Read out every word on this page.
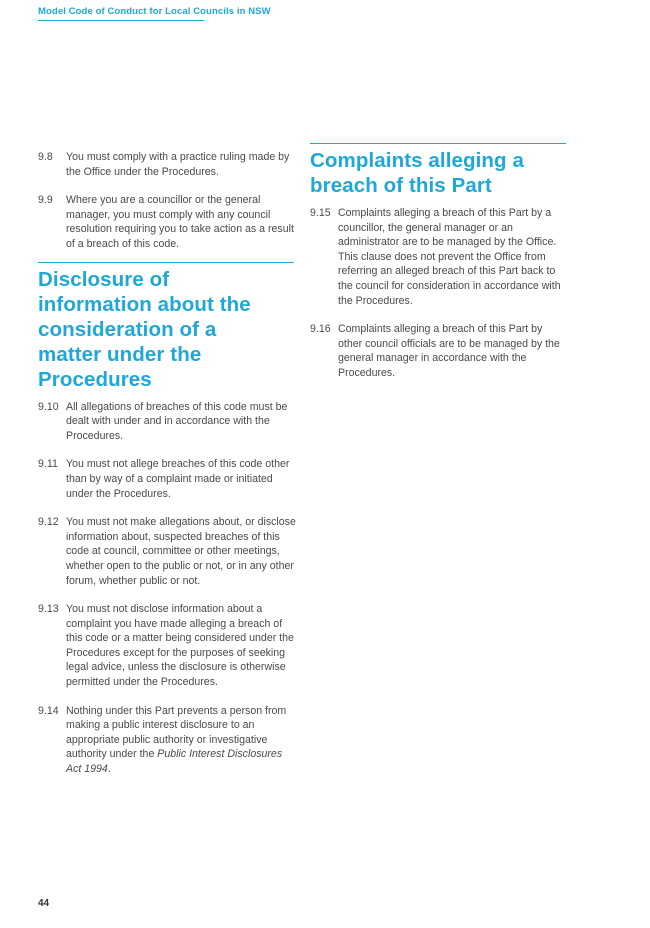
Model Code of Conduct for Local Councils in NSW
9.8 You must comply with a practice ruling made by the Office under the Procedures.
9.9 Where you are a councillor or the general manager, you must comply with any council resolution requiring you to take action as a result of a breach of this code.
Disclosure of information about the consideration of a matter under the Procedures
9.10 All allegations of breaches of this code must be dealt with under and in accordance with the Procedures.
9.11 You must not allege breaches of this code other than by way of a complaint made or initiated under the Procedures.
9.12 You must not make allegations about, or disclose information about, suspected breaches of this code at council, committee or other meetings, whether open to the public or not, or in any other forum, whether public or not.
9.13 You must not disclose information about a complaint you have made alleging a breach of this code or a matter being considered under the Procedures except for the purposes of seeking legal advice, unless the disclosure is otherwise permitted under the Procedures.
9.14 Nothing under this Part prevents a person from making a public interest disclosure to an appropriate public authority or investigative authority under the Public Interest Disclosures Act 1994.
Complaints alleging a breach of this Part
9.15 Complaints alleging a breach of this Part by a councillor, the general manager or an administrator are to be managed by the Office. This clause does not prevent the Office from referring an alleged breach of this Part back to the council for consideration in accordance with the Procedures.
9.16 Complaints alleging a breach of this Part by other council officials are to be managed by the general manager in accordance with the Procedures.
44
